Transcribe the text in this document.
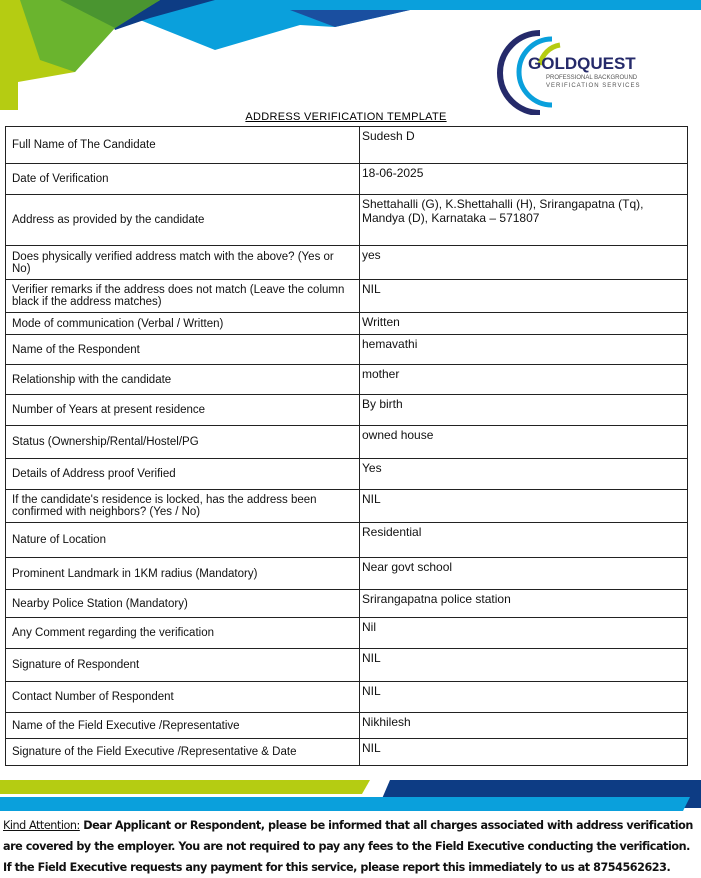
GOLDQUEST
PROFESSIONAL BACKGROUND
VERIFICATION SERVICES
ADDRESS VERIFICATION TEMPLATE
Full Name of The Candidate	Sudesh D
Date of Verification	18-06-2025
Address as provided by the candidate	Shettahalli (G), K.Shettahalli (H), Srirangapatna (Tq), Mandya (D), Karnataka – 571807
Does physically verified address match with the above? (Yes or No)	yes
Verifier remarks if the address does not match (Leave the column black if the address matches)	NIL
Mode of communication (Verbal / Written)	Written
Name of the Respondent	hemavathi
Relationship with the candidate	mother
Number of Years at present residence	By birth
Status (Ownership/Rental/Hostel/PG	owned house
Details of Address proof Verified	Yes
If the candidate's residence is locked, has the address been confirmed with neighbors? (Yes / No)	NIL
Nature of Location	Residential
Prominent Landmark in 1KM radius (Mandatory)	Near govt school
Nearby Police Station (Mandatory)	Srirangapatna police station
Any Comment regarding the verification	Nil
Signature of Respondent	NIL
Contact Number of Respondent	NIL
Name of the Field Executive /Representative	Nikhilesh
Signature of the Field Executive /Representative & Date	NIL
Kind Attention: Dear Applicant or Respondent, please be informed that all charges associated with address verification are covered by the employer. You are not required to pay any fees to the Field Executive conducting the verification. If the Field Executive requests any payment for this service, please report this immediately to us at 8754562623.
